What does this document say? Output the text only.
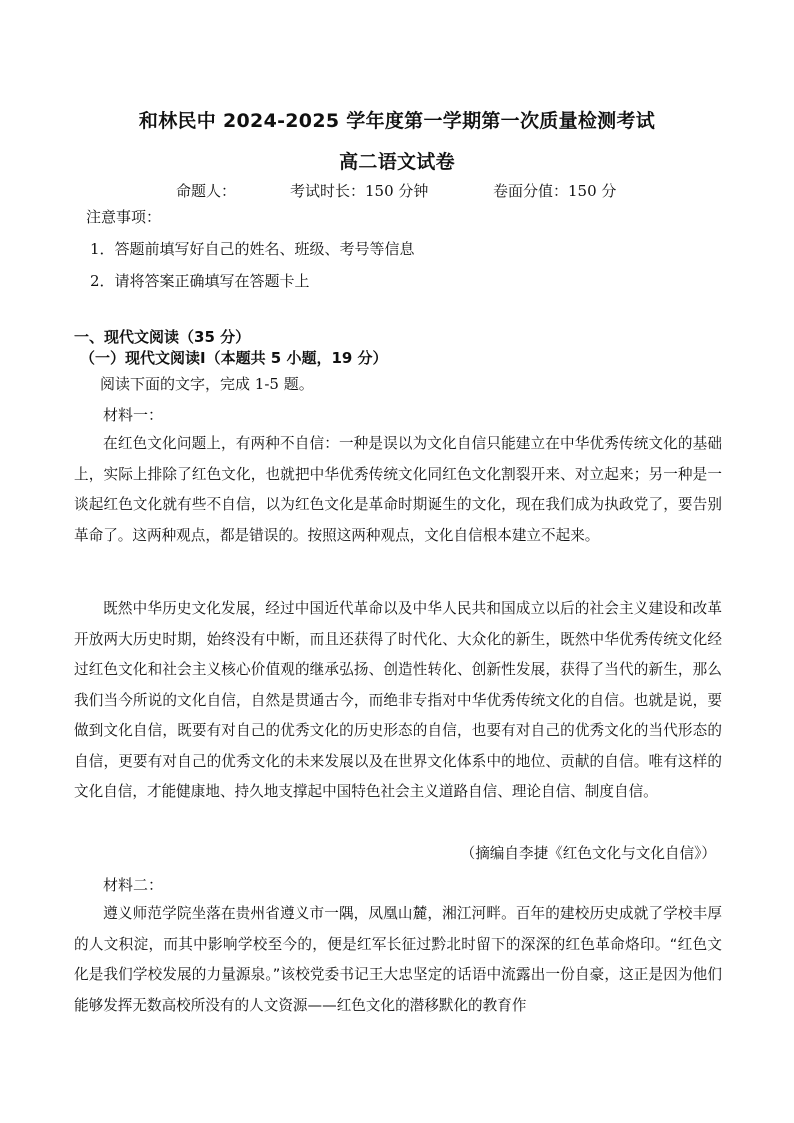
和林民中 2024-2025 学年度第一学期第一次质量检测考试
高二语文试卷
命题人：	考试时长：150 分钟	卷面分值：150 分
注意事项：
1．答题前填写好自己的姓名、班级、考号等信息
2．请将答案正确填写在答题卡上
一、现代文阅读（35 分）
（一）现代文阅读Ⅰ（本题共 5 小题，19 分）
阅读下面的文字，完成 1-5 题。
材料一：
在红色文化问题上，有两种不自信：一种是误以为文化自信只能建立在中华优秀传统文化的基础上，实际上排除了红色文化，也就把中华优秀传统文化同红色文化割裂开来、对立起来；另一种是一谈起红色文化就有些不自信，以为红色文化是革命时期诞生的文化，现在我们成为执政党了，要告别革命了。这两种观点，都是错误的。按照这两种观点，文化自信根本建立不起来。
既然中华历史文化发展，经过中国近代革命以及中华人民共和国成立以后的社会主义建设和改革开放两大历史时期，始终没有中断，而且还获得了时代化、大众化的新生，既然中华优秀传统文化经过红色文化和社会主义核心价值观的继承弘扬、创造性转化、创新性发展，获得了当代的新生，那么我们当今所说的文化自信，自然是贯通古今，而绝非专指对中华优秀传统文化的自信。也就是说，要做到文化自信，既要有对自己的优秀文化的历史形态的自信，也要有对自己的优秀文化的当代形态的自信，更要有对自己的优秀文化的未来发展以及在世界文化体系中的地位、贡献的自信。唯有这样的文化自信，才能健康地、持久地支撑起中国特色社会主义道路自信、理论自信、制度自信。
（摘编自李捷《红色文化与文化自信》）
材料二：
遵义师范学院坐落在贵州省遵义市一隅，凤凰山麓，湘江河畔。百年的建校历史成就了学校丰厚的人文积淀，而其中影响学校至今的，便是红军长征过黔北时留下的深深的红色革命烙印。“红色文化是我们学校发展的力量源泉。”该校党委书记王大忠坚定的话语中流露出一份自豪，这正是因为他们能够发挥无数高校所没有的人文资源——红色文化的潜移默化的教育作
